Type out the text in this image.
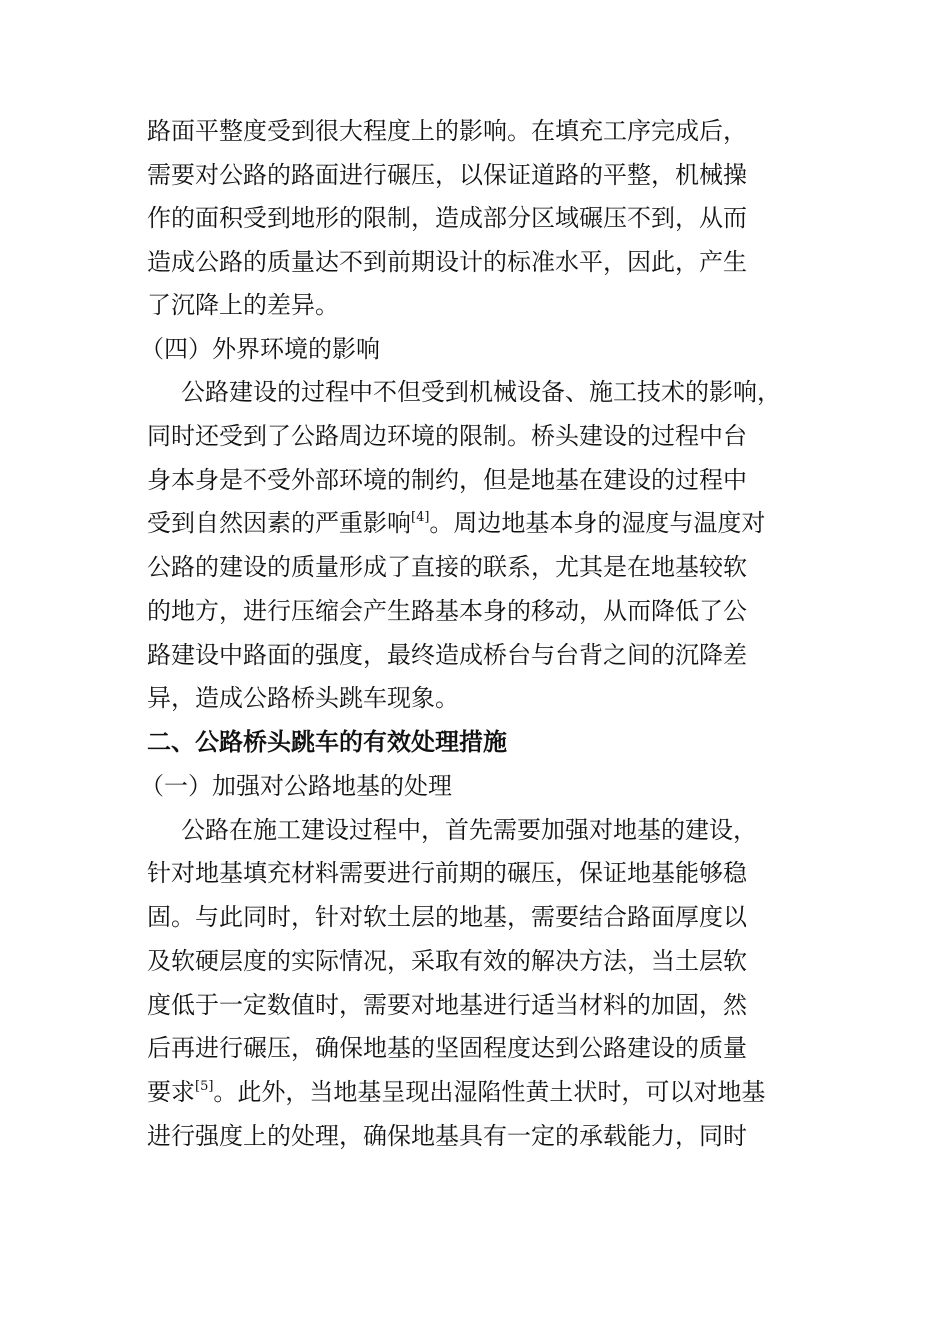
路面平整度受到很大程度上的影响。在填充工序完成后，
需要对公路的路面进行碾压，以保证道路的平整，机械操
作的面积受到地形的限制，造成部分区域碾压不到，从而
造成公路的质量达不到前期设计的标准水平，因此，产生
了沉降上的差异。
（四）外界环境的影响
公路建设的过程中不但受到机械设备、施工技术的影响，
同时还受到了公路周边环境的限制。桥头建设的过程中台
身本身是不受外部环境的制约，但是地基在建设的过程中
受到自然因素的严重影响[4]。周边地基本身的湿度与温度对
公路的建设的质量形成了直接的联系，尤其是在地基较软
的地方，进行压缩会产生路基本身的移动，从而降低了公
路建设中路面的强度，最终造成桥台与台背之间的沉降差
异，造成公路桥头跳车现象。
二、公路桥头跳车的有效处理措施
（一）加强对公路地基的处理
公路在施工建设过程中，首先需要加强对地基的建设，
针对地基填充材料需要进行前期的碾压，保证地基能够稳
固。与此同时，针对软土层的地基，需要结合路面厚度以
及软硬层度的实际情况，采取有效的解决方法，当土层软
度低于一定数值时，需要对地基进行适当材料的加固，然
后再进行碾压，确保地基的坚固程度达到公路建设的质量
要求[5]。此外，当地基呈现出湿陷性黄土状时，可以对地基
进行强度上的处理，确保地基具有一定的承载能力，同时
